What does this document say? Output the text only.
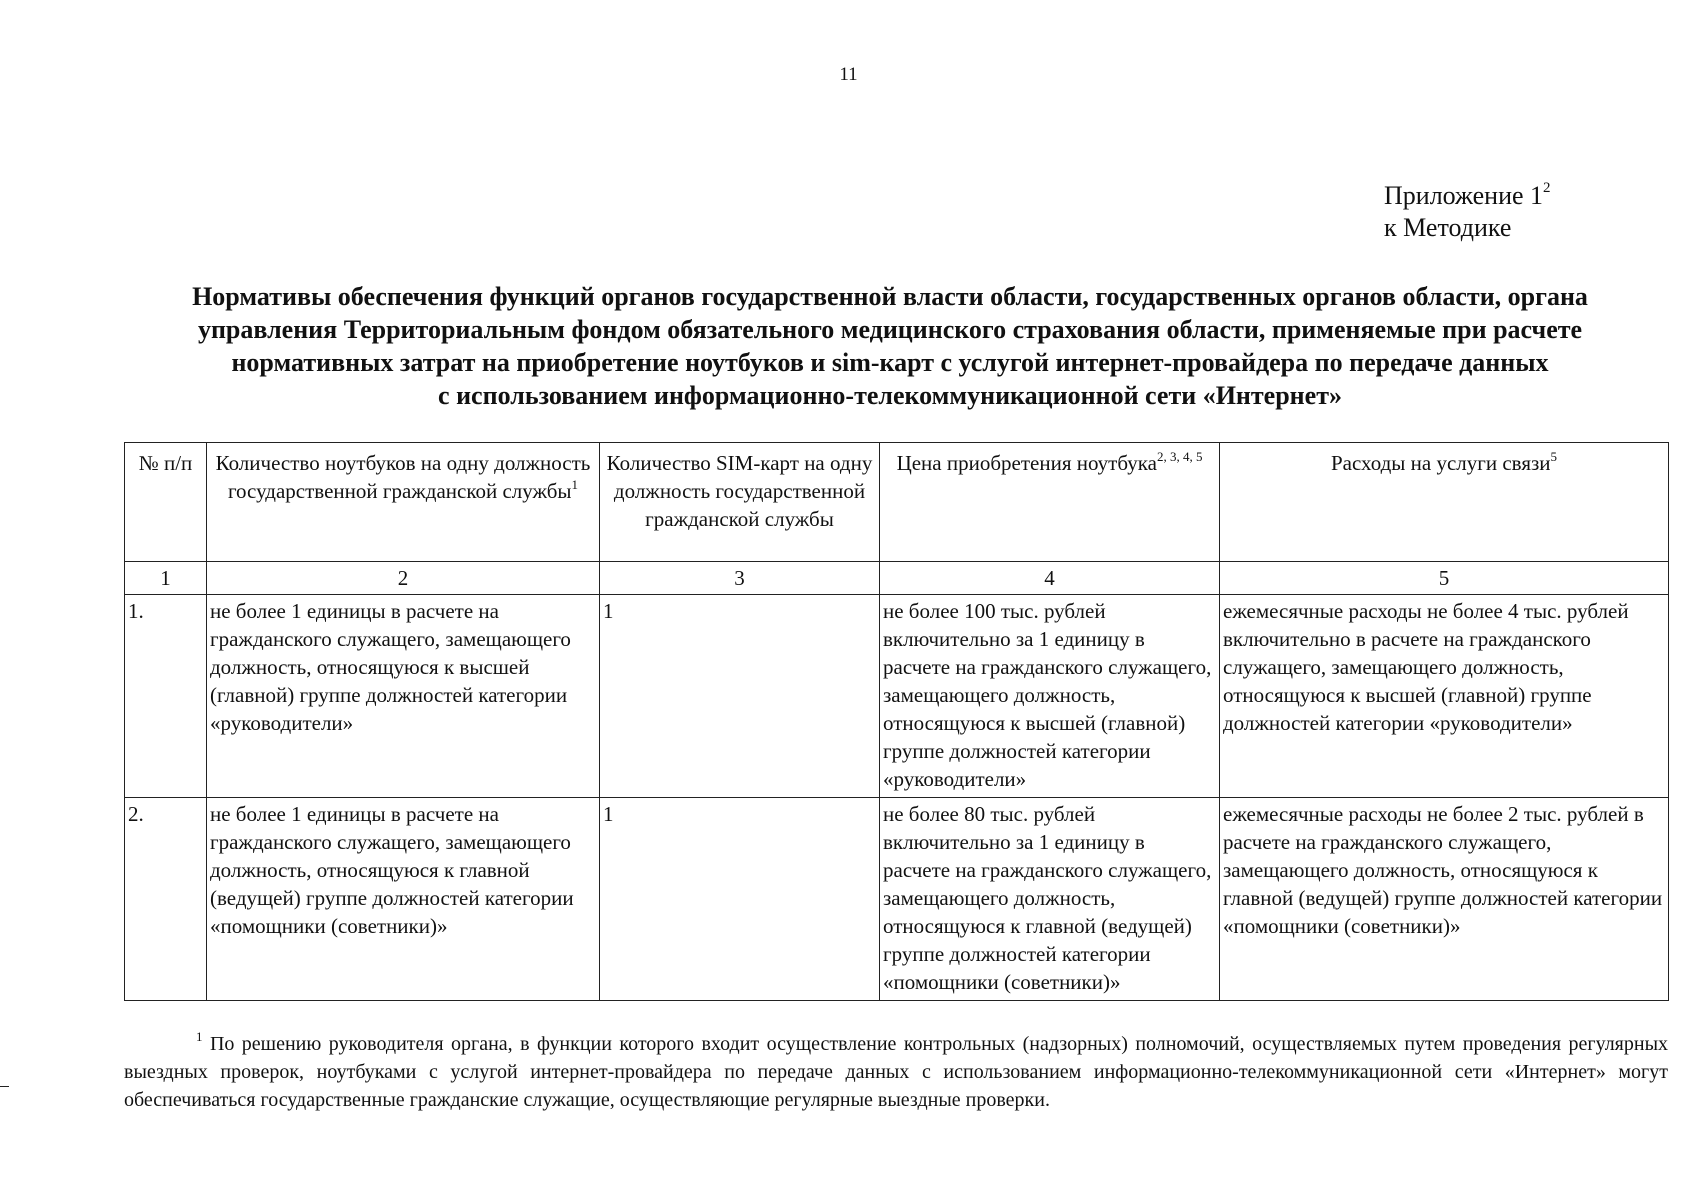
11
Приложение $1^2$
к Методике
Нормативы обеспечения функций органов государственной власти области, государственных органов области, органа
управления Территориальным фондом обязательного медицинского страхования области, применяемые при расчете
нормативных затрат на приобретение ноутбуков и sim-карт с услугой интернет-провайдера по передаче данных
с использованием информационно-телекоммуникационной сети «Интернет»
№ п/п	Количество ноутбуков на одну должность государственной гражданской службы$^1$	Количество SIM-карт на одну должность государственной гражданской службы	Цена приобретения ноутбука$^{2, 3, 4, 5}$	Расходы на услуги связи$^5$
1	2	3	4	5
1.	не более 1 единицы в расчете на гражданского служащего, замещающего должность, относящуюся к высшей (главной) группе должностей категории «руководители»	1	не более 100 тыс. рублей включительно за 1 единицу в расчете на гражданского служащего, замещающего должность, относящуюся к высшей (главной) группе должностей категории «руководители»	ежемесячные расходы не более 4 тыс. рублей включительно в расчете на гражданского служащего, замещающего должность, относящуюся к высшей (главной) группе должностей категории «руководители»
2.	не более 1 единицы в расчете на гражданского служащего, замещающего должность, относящуюся к главной (ведущей) группе должностей категории «помощники (советники)»	1	не более 80 тыс. рублей включительно за 1 единицу в расчете на гражданского служащего, замещающего должность, относящуюся к главной (ведущей) группе должностей категории «помощники (советники)»	ежемесячные расходы не более 2 тыс. рублей в расчете на гражданского служащего, замещающего должность, относящуюся к главной (ведущей) группе должностей категории «помощники (советники)»
$^1$ По решению руководителя органа, в функции которого входит осуществление контрольных (надзорных) полномочий, осуществляемых путем проведения регулярных выездных проверок, ноутбуками с услугой интернет-провайдера по передаче данных с использованием информационно-телекоммуникационной сети «Интернет» могут обеспечиваться государственные гражданские служащие, осуществляющие регулярные выездные проверки.
